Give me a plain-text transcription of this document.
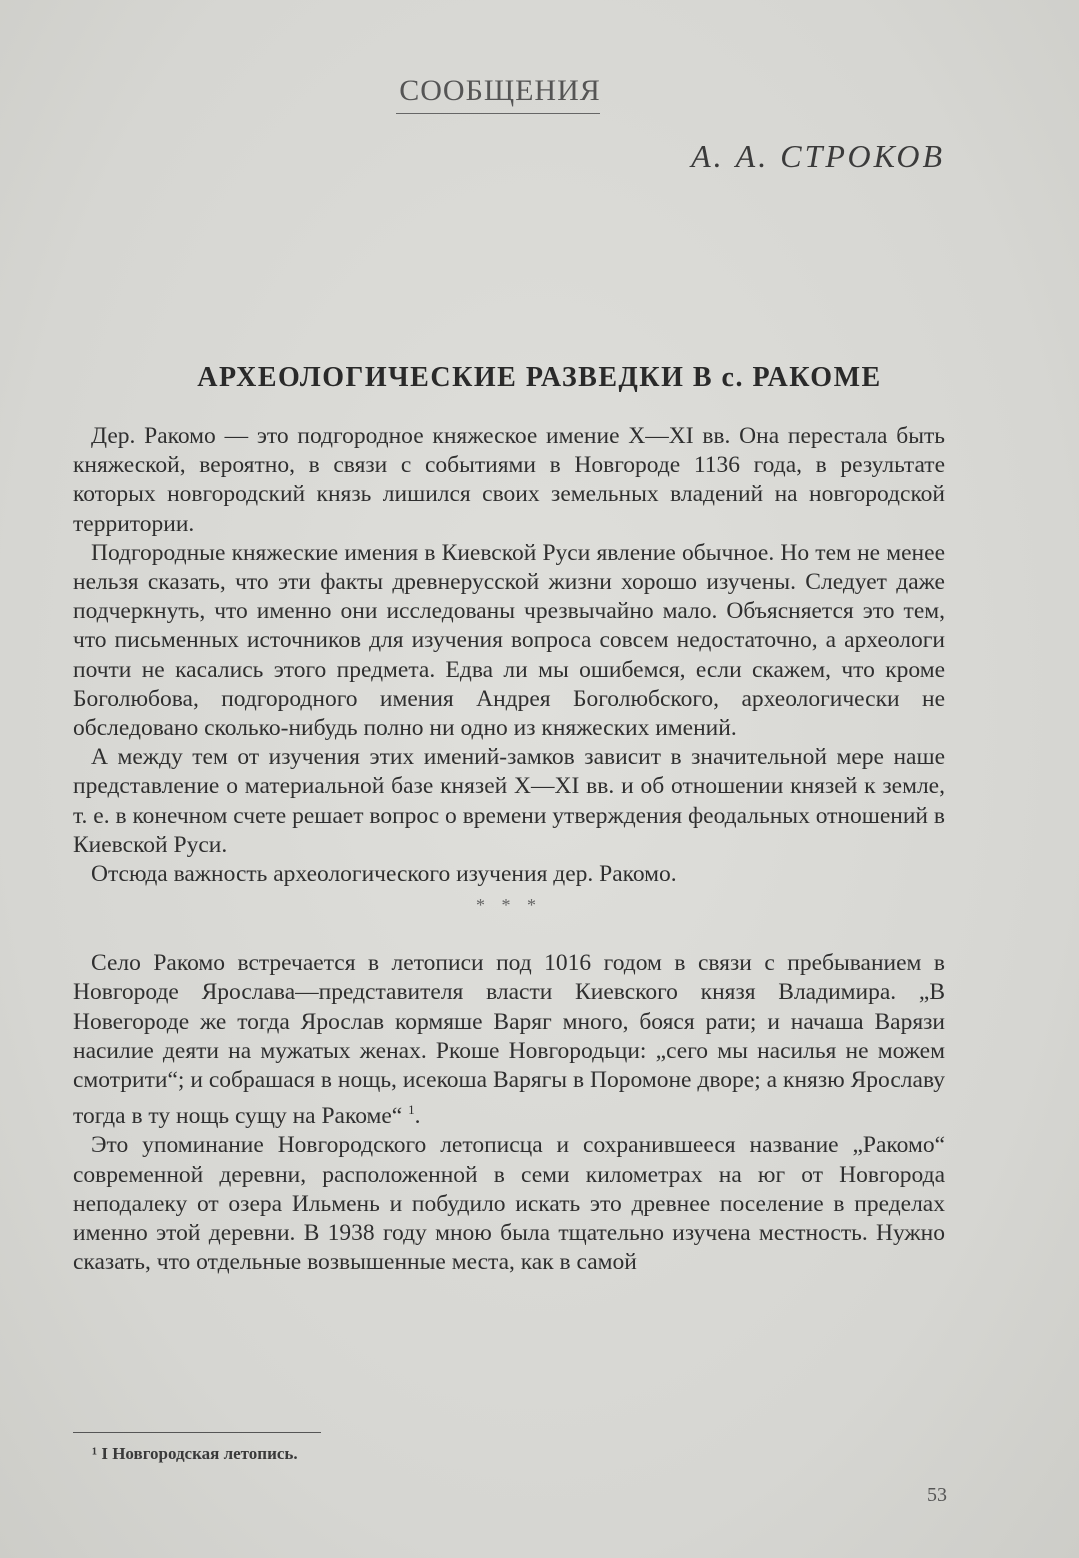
СООБЩЕНИЯ
А. А. СТРОКОВ
АРХЕОЛОГИЧЕСКИЕ РАЗВЕДКИ В с. РАКОМЕ

Дер. Ракомо — это подгородное княжеское имение X—XI вв. Она перестала быть княжеской, вероятно, в связи с событиями в Новгороде 1136 года, в результате которых новгородский князь лишился своих земельных владений на новгородской территории.

Подгородные княжеские имения в Киевской Руси явление обычное. Но тем не менее нельзя сказать, что эти факты древнерусской жизни хорошо изучены. Следует даже подчеркнуть, что именно они исследованы чрезвычайно мало. Объясняется это тем, что письменных источников для изучения вопроса совсем недостаточно, а археологи почти не касались этого предмета. Едва ли мы ошибемся, если скажем, что кроме Боголюбова, подгородного имения Андрея Боголюбского, археологически не обследовано сколько-нибудь полно ни одно из княжеских имений.

А между тем от изучения этих имений-замков зависит в значительной мере наше представление о материальной базе князей X—XI вв. и об отношении князей к земле, т. е. в конечном счете решает вопрос о времени утверждения феодальных отношений в Киевской Руси.

Отсюда важность археологического изучения дер. Ракомо.

* * *

Село Ракомо встречается в летописи под 1016 годом в связи с пребыванием в Новгороде Ярослава—представителя власти Киевского князя Владимира. „В Новегороде же тогда Ярослав кормяше Варяг много, бояся рати; и начаша Варязи насилие деяти на мужатых женах. Ркоше Новгородьци: „сего мы насилья не можем смотрити“; и собрашася в нощь, исекоша Варягы в Поромоне дворе; а князю Ярославу тогда в ту нощь сущу на Ракоме“ $^1$.

Это упоминание Новгородского летописца и сохранившееся название „Ракомо“ современной деревни, расположенной в семи километрах на юг от Новгорода неподалеку от озера Ильмень и побудило искать это древнее поселение в пределах именно этой деревни. В 1938 году мною была тщательно изучена местность. Нужно сказать, что отдельные возвышенные места, как в самой

¹ I Новгородская летопись.
53
